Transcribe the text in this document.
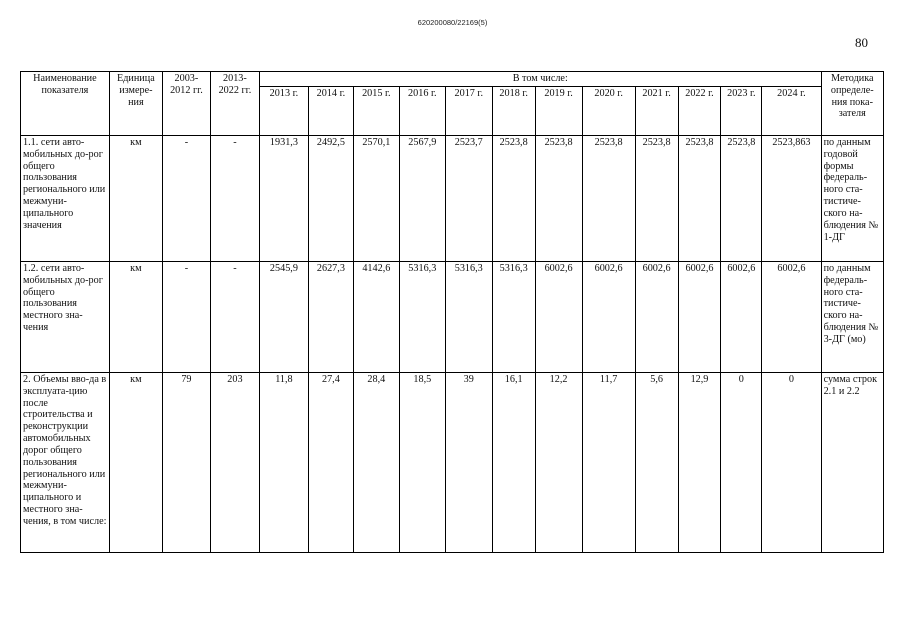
620200080/22169(5)
80
Наименование показателя	Единица измере-ния	2003-2012 гг.	2013-2022 гг.	В том числе:												Методика определе-ния пока-зателя
				2013 г.	2014 г.	2015 г.	2016 г.	2017 г.	2018 г.	2019 г.	2020 г.	2021 г.	2022 г.	2023 г.	2024 г.	
1.1. сети авто-мобильных до-рог общего пользования регионального или межмуни-ципального значения	км	-	-	1931,3	2492,5	2570,1	2567,9	2523,7	2523,8	2523,8	2523,8	2523,8	2523,8	2523,8	2523,863	по данным годовой формы федераль-ного ста-тистиче-ского на-блюдения № 1-ДГ
1.2. сети авто-мобильных до-рог общего пользования местного зна-чения	км	-	-	2545,9	2627,3	4142,6	5316,3	5316,3	5316,3	6002,6	6002,6	6002,6	6002,6	6002,6	6002,6	по данным федераль-ного ста-тистиче-ского на-блюдения № 3-ДГ (мо)
2. Объемы вво-да в эксплуата-цию после строительства и реконструкции автомобильных дорог общего пользования регионального или межмуни-ципального и местного зна-чения, в том числе:	км	79	203	11,8	27,4	28,4	18,5	39	16,1	12,2	11,7	5,6	12,9	0	0	сумма строк 2.1 и 2.2
